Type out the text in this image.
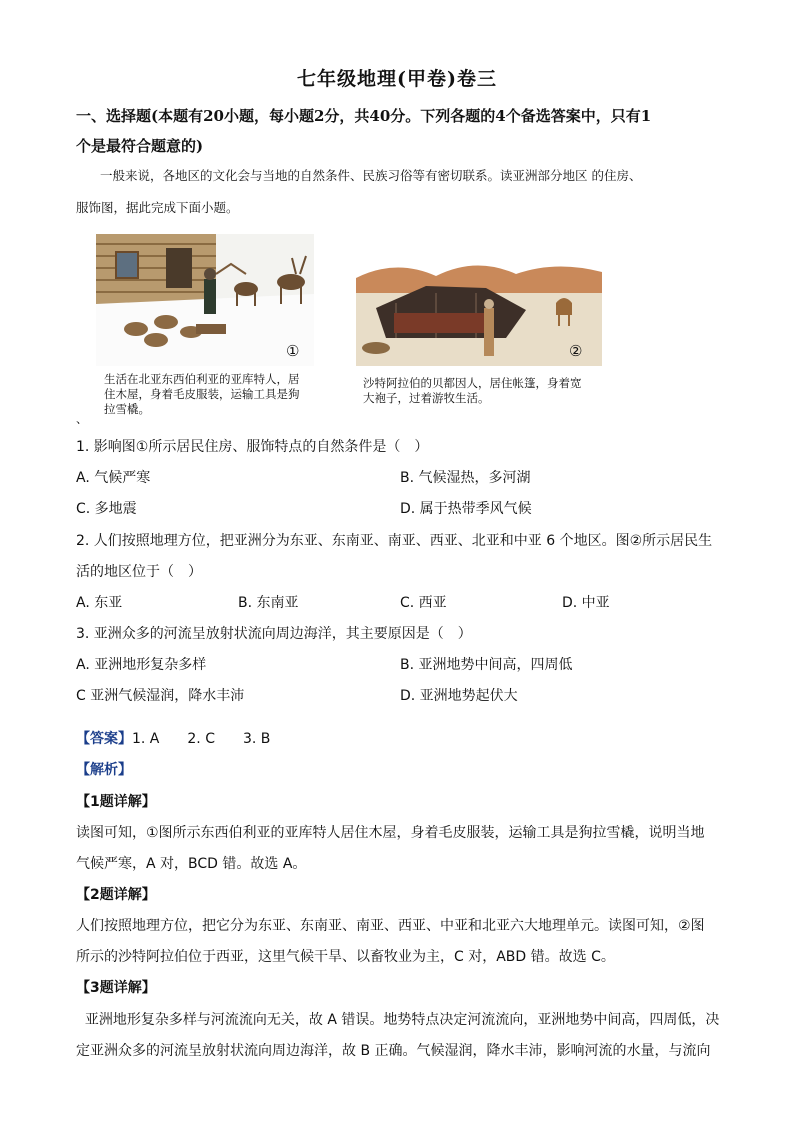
七年级地理(甲卷)卷三
一、选择题(本题有20小题，每小题2分，共40分。下列各题的4个备选答案中，只有1
个是最符合题意的)
一般来说，各地区的文化会与当地的自然条件、民族习俗等有密切联系。读亚洲部分地区 的住房、
服饰图，据此完成下面小题。
①
生活在北亚东西伯利亚的亚库特人，居
住木屋，身着毛皮服装，运输工具是狗
拉雪橇。
②
沙特阿拉伯的贝都因人，居住帐篷，身着宽
大袍子，过着游牧生活。
、
1. 影响图①所示居民住房、服饰特点的自然条件是（　）
A. 气候严寒	B. 气候湿热，多河湖
C. 多地震	D. 属于热带季风气候
2. 人们按照地理方位，把亚洲分为东亚、东南亚、南亚、西亚、北亚和中亚 6 个地区。图②所示居民生
活的地区位于（　）
A. 东亚	B. 东南亚	C. 西亚	D. 中亚
3. 亚洲众多的河流呈放射状流向周边海洋，其主要原因是（　）
A. 亚洲地形复杂多样	B. 亚洲地势中间高，四周低
C 亚洲气候湿润，降水丰沛	D. 亚洲地势起伏大
【答案】1. A　　2. C　　3. B
【解析】
【1题详解】
读图可知，①图所示东西伯利亚的亚库特人居住木屋，身着毛皮服装，运输工具是狗拉雪橇，说明当地
气候严寒，A 对，BCD 错。故选 A。
【2题详解】
人们按照地理方位，把它分为东亚、东南亚、南亚、西亚、中亚和北亚六大地理单元。读图可知，②图
所示的沙特阿拉伯位于西亚，这里气候干旱、以畜牧业为主，C 对，ABD 错。故选 C。
【3题详解】
亚洲地形复杂多样与河流流向无关，故 A 错误。地势特点决定河流流向，亚洲地势中间高，四周低，决
定亚洲众多的河流呈放射状流向周边海洋，故 B 正确。气候湿润，降水丰沛，影响河流的水量，与流向
